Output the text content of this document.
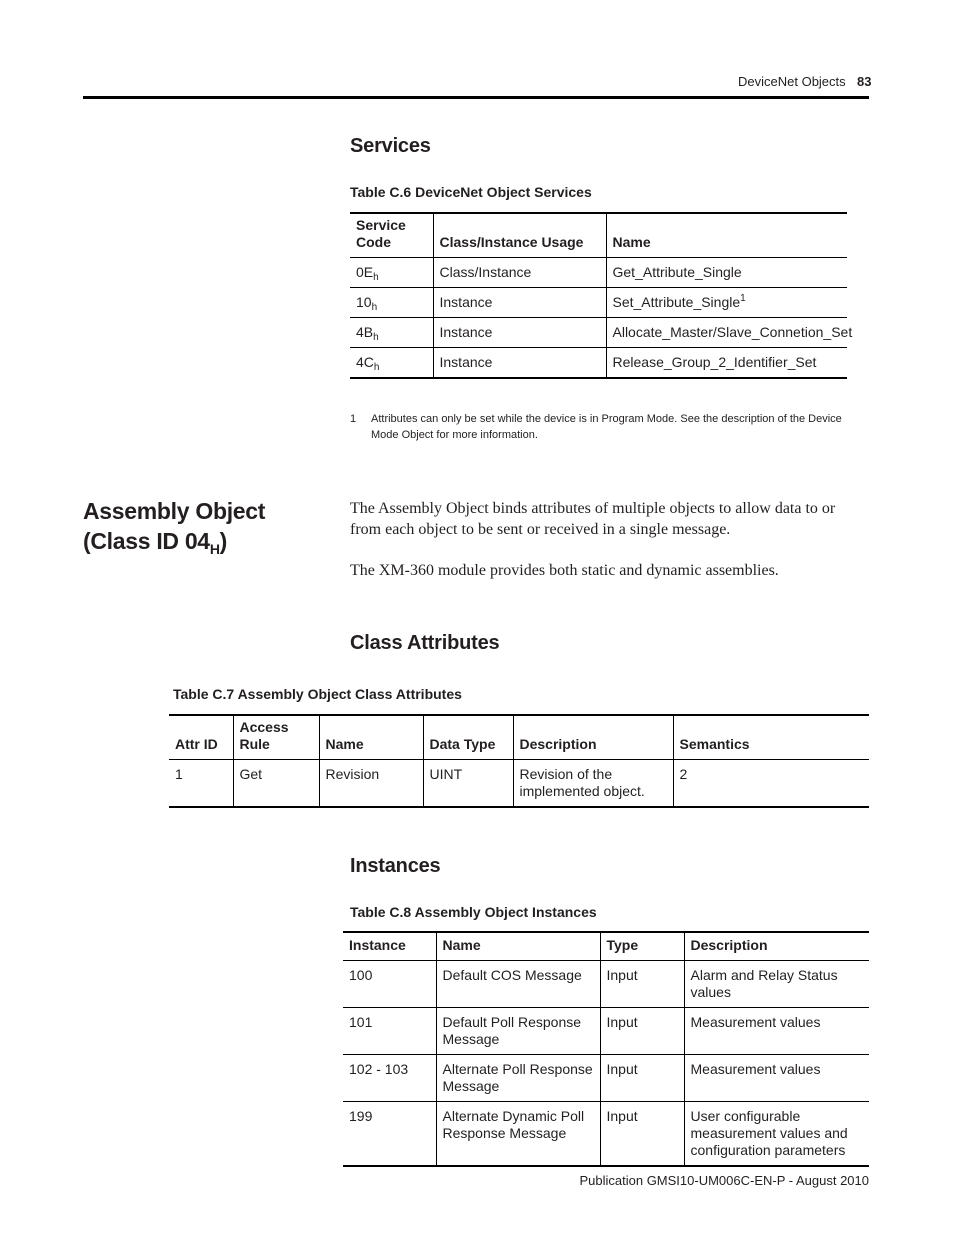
DeviceNet Objects 83
Services
Table C.6 DeviceNet Object Services
Service Code	Class/Instance Usage	Name
$0E_h$	Class/Instance	Get_Attribute_Single
$10_h$	Instance	Set_Attribute_Single$^1$
$4B_h$	Instance	Allocate_Master/Slave_Connetion_Set
$4C_h$	Instance	Release_Group_2_Identifier_Set
1 Attributes can only be set while the device is in Program Mode. See the description of the Device Mode Object for more information.
Assembly Object
(Class ID $04_H$)

The Assembly Object binds attributes of multiple objects to allow data to or from each object to be sent or received in a single message.

The XM-360 module provides both static and dynamic assemblies.

Class Attributes
Table C.7 Assembly Object Class Attributes
Attr ID	Access Rule	Name	Data Type	Description	Semantics
1	Get	Revision	UINT	Revision of the implemented object.	2
Instances
Table C.8 Assembly Object Instances
Instance	Name	Type	Description
100	Default COS Message	Input	Alarm and Relay Status values
101	Default Poll Response Message	Input	Measurement values
102 - 103	Alternate Poll Response Message	Input	Measurement values
199	Alternate Dynamic Poll Response Message	Input	User configurable measurement values and configuration parameters
Publication GMSI10-UM006C-EN-P - August 2010
